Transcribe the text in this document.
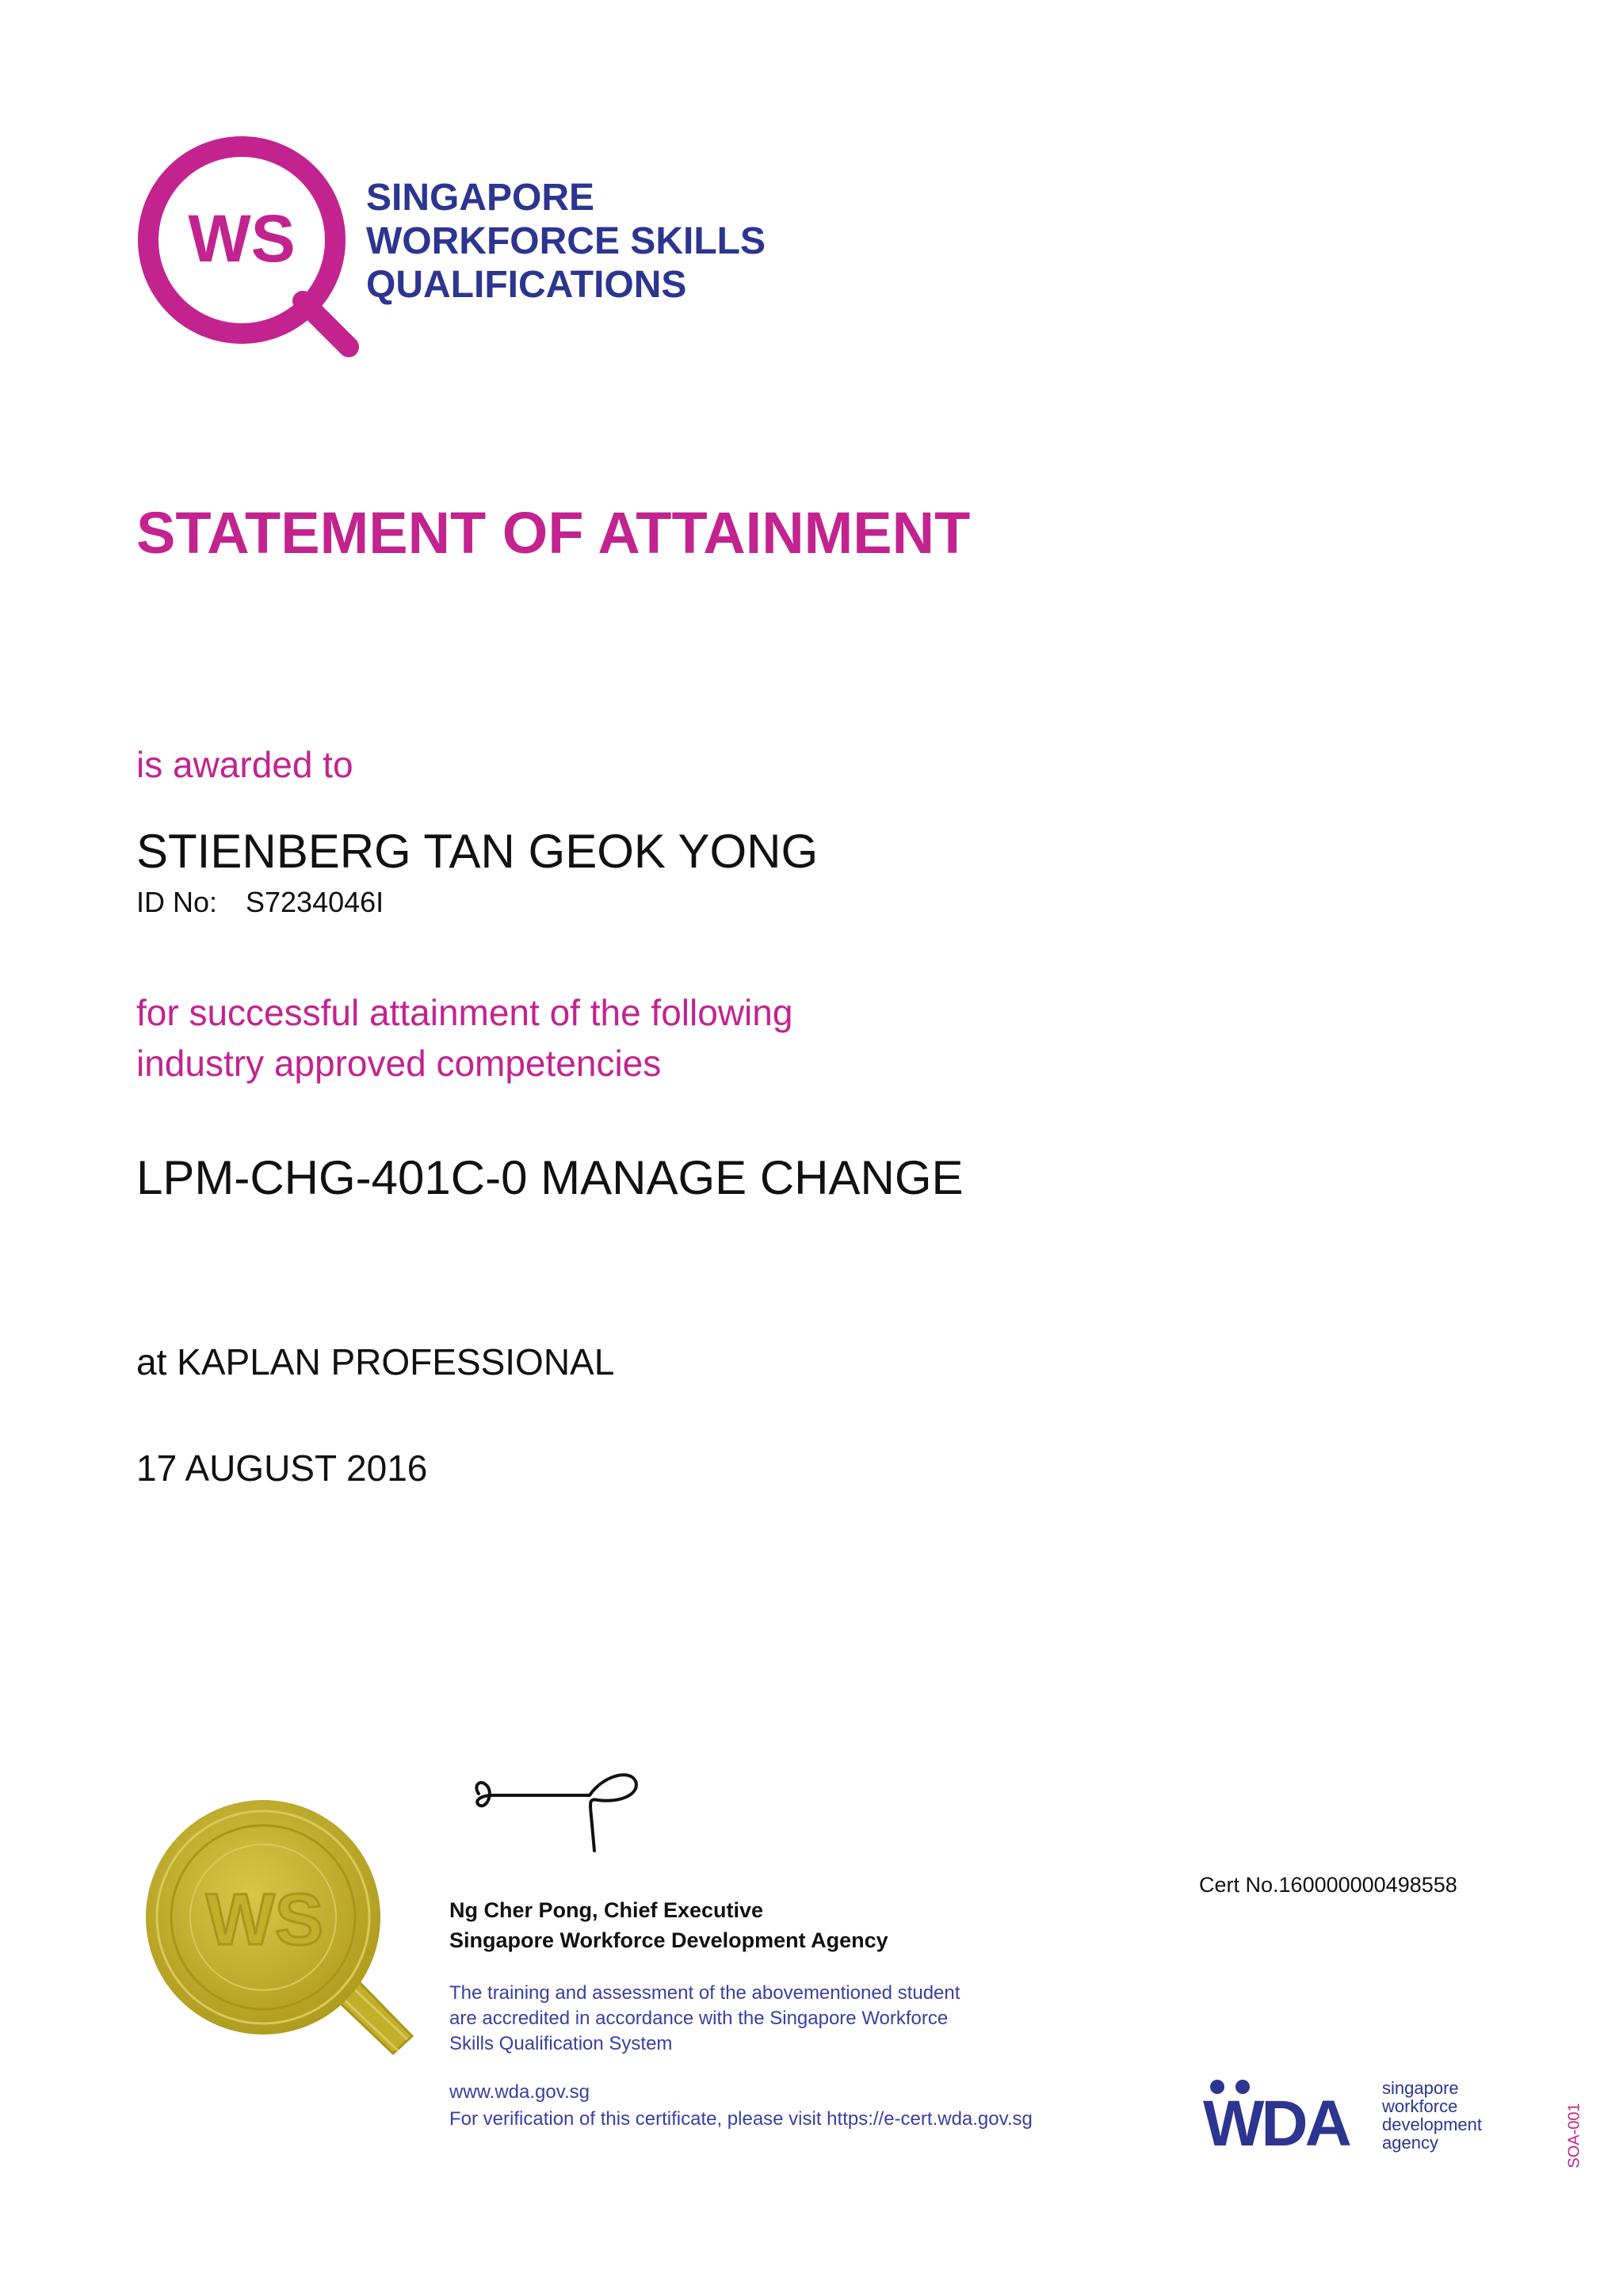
WS
SINGAPORE
WORKFORCE SKILLS
QUALIFICATIONS
STATEMENT OF ATTAINMENT
is awarded to
STIENBERG TAN GEOK YONG
ID No: S7234046I
for successful attainment of the following
industry approved competencies
LPM-CHG-401C-0 MANAGE CHANGE
at KAPLAN PROFESSIONAL
17 AUGUST 2016
WS	Ng Cher Pong, Chief Executive
Singapore Workforce Development Agency
The training and assessment of the abovementioned student
are accredited in accordance with the Singapore Workforce
Skills Qualification System
www.wda.gov.sg
For verification of this certificate, please visit https://e-cert.wda.gov.sg
Cert No.160000000498558
WDA singapore
workforce
development
agency	SOA-001
